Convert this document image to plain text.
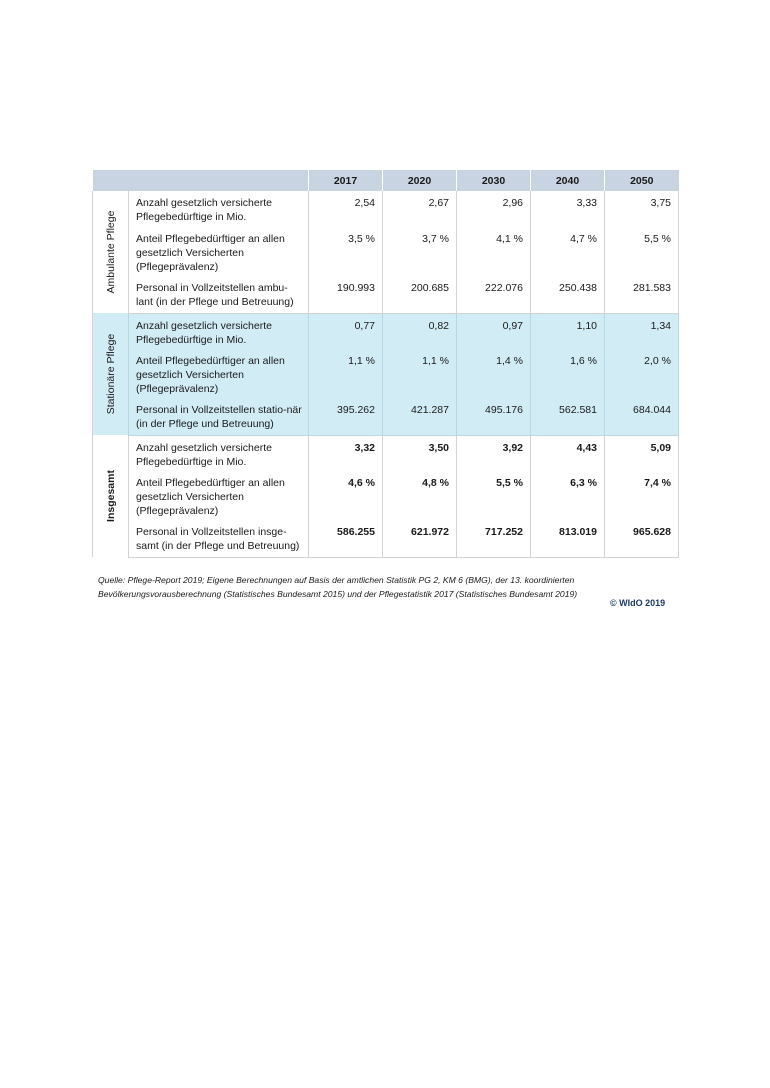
		2017	2020	2030	2040	2050

Ambulante Pflege	Anzahl gesetzlich versicherte Pflegebedürftige in Mio.	2,54	2,67	2,96	3,33	3,75
	Anteil Pflegebedürftiger an allen gesetzlich Versicherten (Pflegeprävalenz)	3,5 %	3,7 %	4,1 %	4,7 %	5,5 %
	Personal in Vollzeitstellen ambu-lant (in der Pflege und Betreuung)	190.993	200.685	222.076	250.438	281.583

Stationäre Pflege	Anzahl gesetzlich versicherte Pflegebedürftige in Mio.	0,77	0,82	0,97	1,10	1,34
	Anteil Pflegebedürftiger an allen gesetzlich Versicherten (Pflegeprävalenz)	1,1 %	1,1 %	1,4 %	1,6 %	2,0 %
	Personal in Vollzeitstellen statio-när (in der Pflege und Betreuung)	395.262	421.287	495.176	562.581	684.044

Insgesamt	Anzahl gesetzlich versicherte Pflegebedürftige in Mio.	3,32	3,50	3,92	4,43	5,09
	Anteil Pflegebedürftiger an allen gesetzlich Versicherten (Pflegeprävalenz)	4,6 %	4,8 %	5,5 %	6,3 %	7,4 %
	Personal in Vollzeitstellen insge-samt (in der Pflege und Betreuung)	586.255	621.972	717.252	813.019	965.628

Quelle: Pflege-Report 2019; Eigene Berechnungen auf Basis der amtlichen Statistik PG 2, KM 6 (BMG), der 13. koordinierten Bevölkerungsvorausberechnung (Statistisches Bundesamt 2015) und der Pflegestatistik 2017 (Statistisches Bundesamt 2019)

© WIdO 2019
